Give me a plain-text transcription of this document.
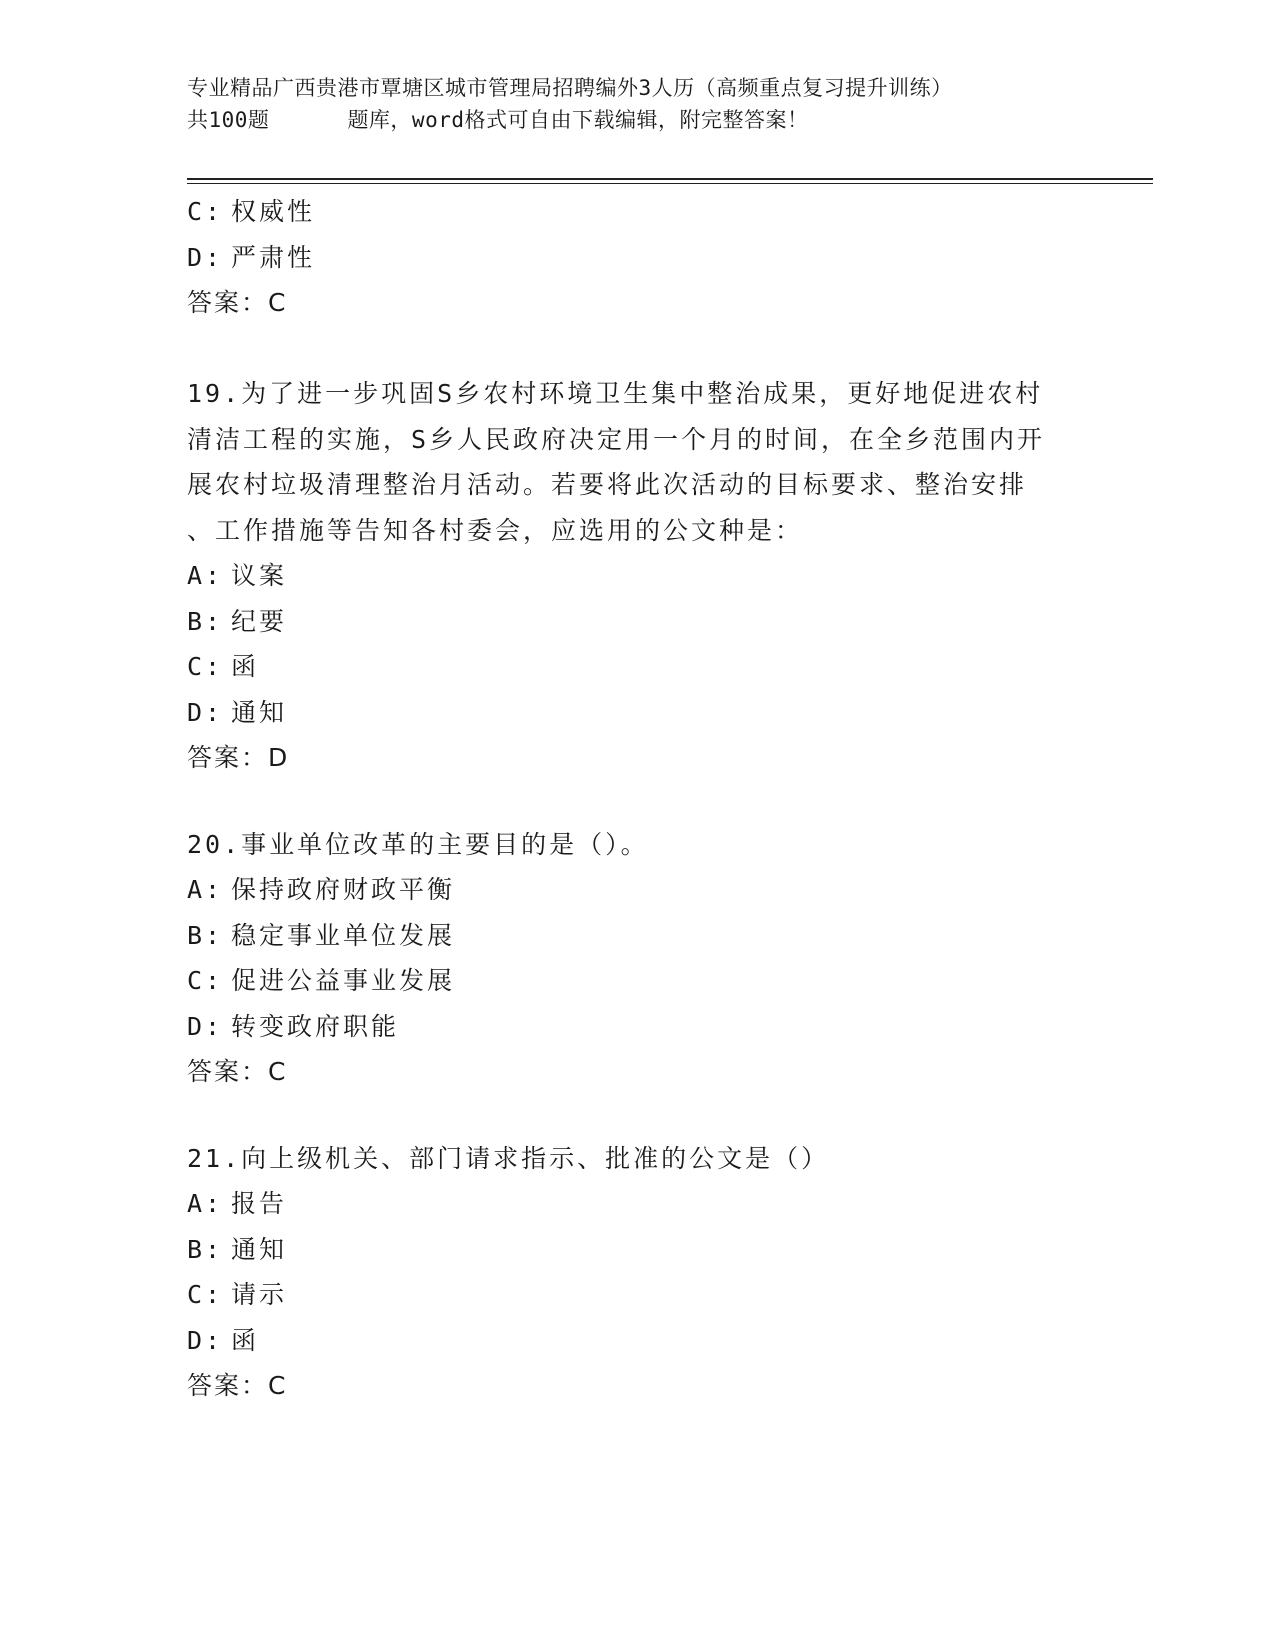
专业精品广西贵港市覃塘区城市管理局招聘编外3人历（高频重点复习提升训练）
共100题	题库，word格式可自由下载编辑，附完整答案！
C: 权威性
D: 严肃性
答案：C
19.为了进一步巩固S乡农村环境卫生集中整治成果，更好地促进农村
清洁工程的实施，S乡人民政府决定用一个月的时间，在全乡范围内开
展农村垃圾清理整治月活动。若要将此次活动的目标要求、整治安排
、工作措施等告知各村委会，应选用的公文种是：
A: 议案
B: 纪要
C: 函
D: 通知
答案：D
20.事业单位改革的主要目的是（）。
A: 保持政府财政平衡
B: 稳定事业单位发展
C: 促进公益事业发展
D: 转变政府职能
答案：C
21.向上级机关、部门请求指示、批准的公文是（）
A: 报告
B: 通知
C: 请示
D: 函
答案：C
